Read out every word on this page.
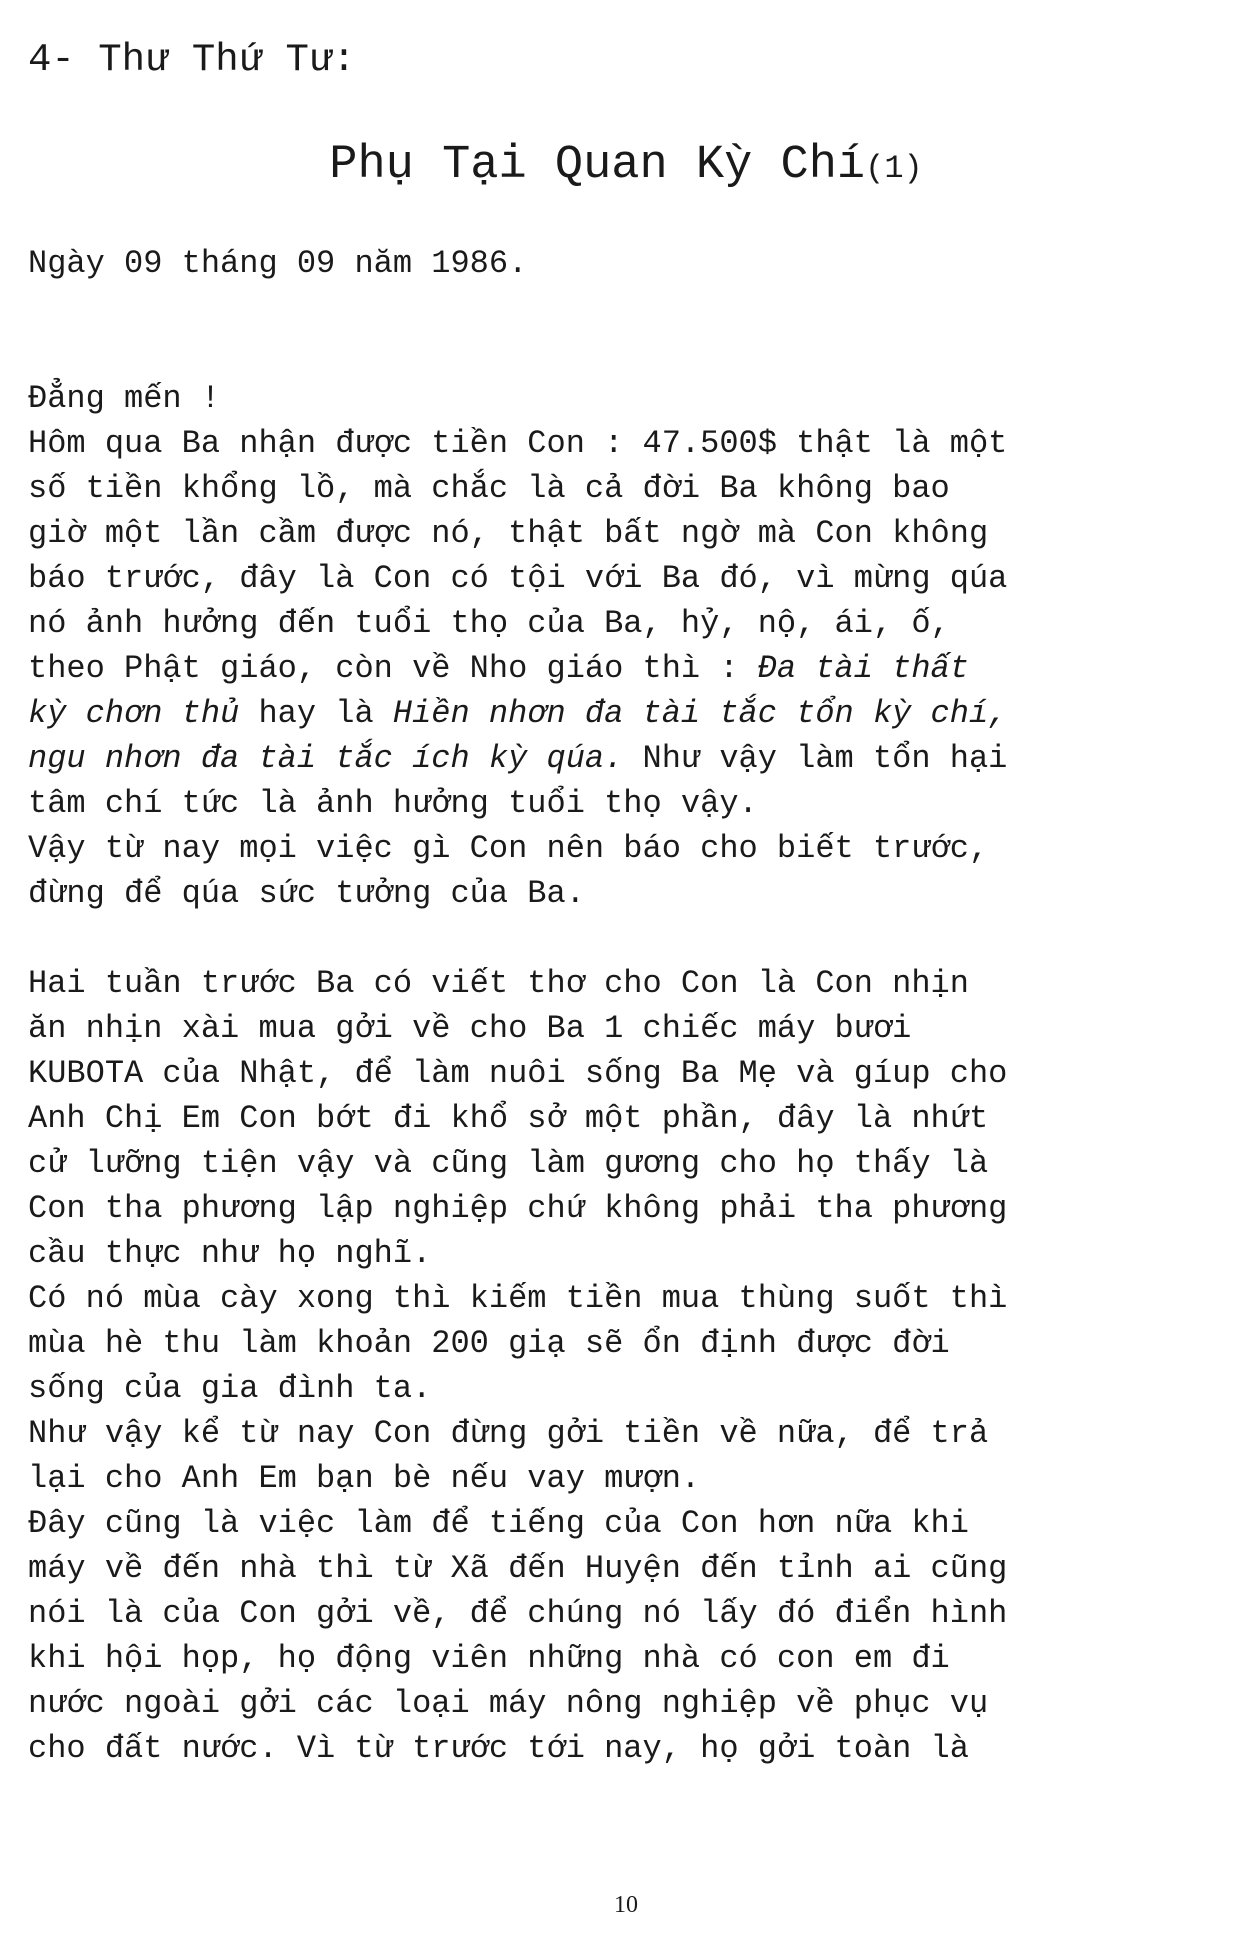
4- Thư Thứ Tư:
Phụ Tại Quan Kỳ Chí(1)

Ngày 09 tháng 09 năm 1986.

Đẳng mến !
Hôm qua Ba nhận được tiền Con : 47.500$ thật là một
số tiền khổng lồ, mà chắc là cả đời Ba không bao
giờ một lần cầm được nó, thật bất ngờ mà Con không
báo trước, đây là Con có tội với Ba đó, vì mừng qúa
nó ảnh hưởng đến tuổi thọ của Ba, hỷ, nộ, ái, ố,
theo Phật giáo, còn về Nho giáo thì : Đa tài thất
kỳ chơn thủ hay là Hiền nhơn đa tài tắc tổn kỳ chí,
ngu nhơn đa tài tắc ích kỳ qúa. Như vậy làm tổn hại
tâm chí tức là ảnh hưởng tuổi thọ vậy.
Vậy từ nay mọi việc gì Con nên báo cho biết trước,
đừng để qúa sức tưởng của Ba.
Hai tuần trước Ba có viết thơ cho Con là Con nhịn
ăn nhịn xài mua gởi về cho Ba 1 chiếc máy bươi
KUBOTA của Nhật, để làm nuôi sống Ba Mẹ và gíup cho
Anh Chị Em Con bớt đi khổ sở một phần, đây là nhứt
cử lưỡng tiện vậy và cũng làm gương cho họ thấy là
Con tha phương lập nghiệp chứ không phải tha phương
cầu thực như họ nghĩ.
Có nó mùa cày xong thì kiếm tiền mua thùng suốt thì
mùa hè thu làm khoản 200 giạ sẽ ổn định được đời
sống của gia đình ta.
Như vậy kể từ nay Con đừng gởi tiền về nữa, để trả
lại cho Anh Em bạn bè nếu vay mượn.
Đây cũng là việc làm để tiếng của Con hơn nữa khi
máy về đến nhà thì từ Xã đến Huyện đến tỉnh ai cũng
nói là của Con gởi về, để chúng nó lấy đó điển hình
khi hội họp, họ động viên những nhà có con em đi
nước ngoài gởi các loại máy nông nghiệp về phục vụ
cho đất nước. Vì từ trước tới nay, họ gởi toàn là
10
